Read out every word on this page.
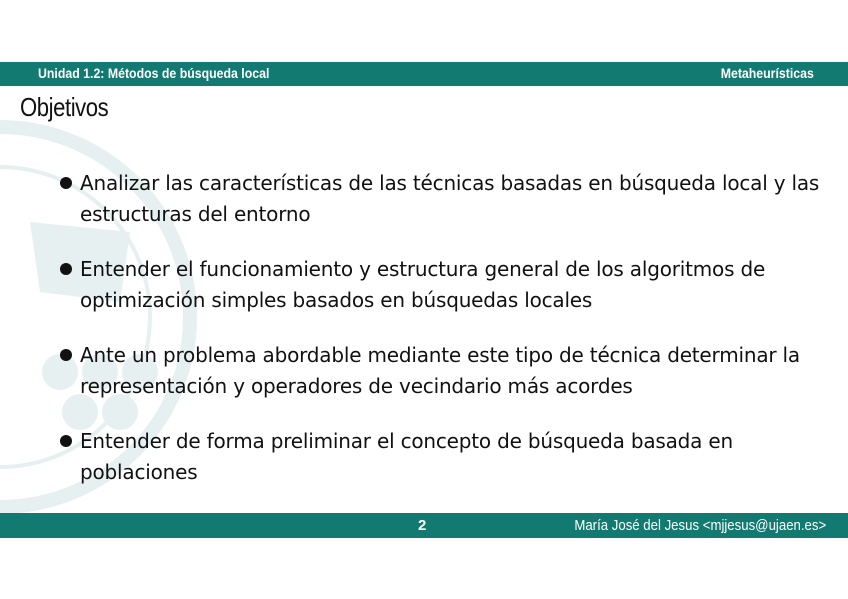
Unidad 1.2: Métodos de búsqueda local	Metaheurísticas
Objetivos
Analizar las características de las técnicas basadas en búsqueda local y las estructuras del entorno
Entender el funcionamiento y estructura general de los algoritmos de optimización simples basados en búsquedas locales
Ante un problema abordable mediante este tipo de técnica determinar la representación y operadores de vecindario más acordes
Entender de forma preliminar el concepto de búsqueda basada en poblaciones
2	María José del Jesus <mjjesus@ujaen.es>
